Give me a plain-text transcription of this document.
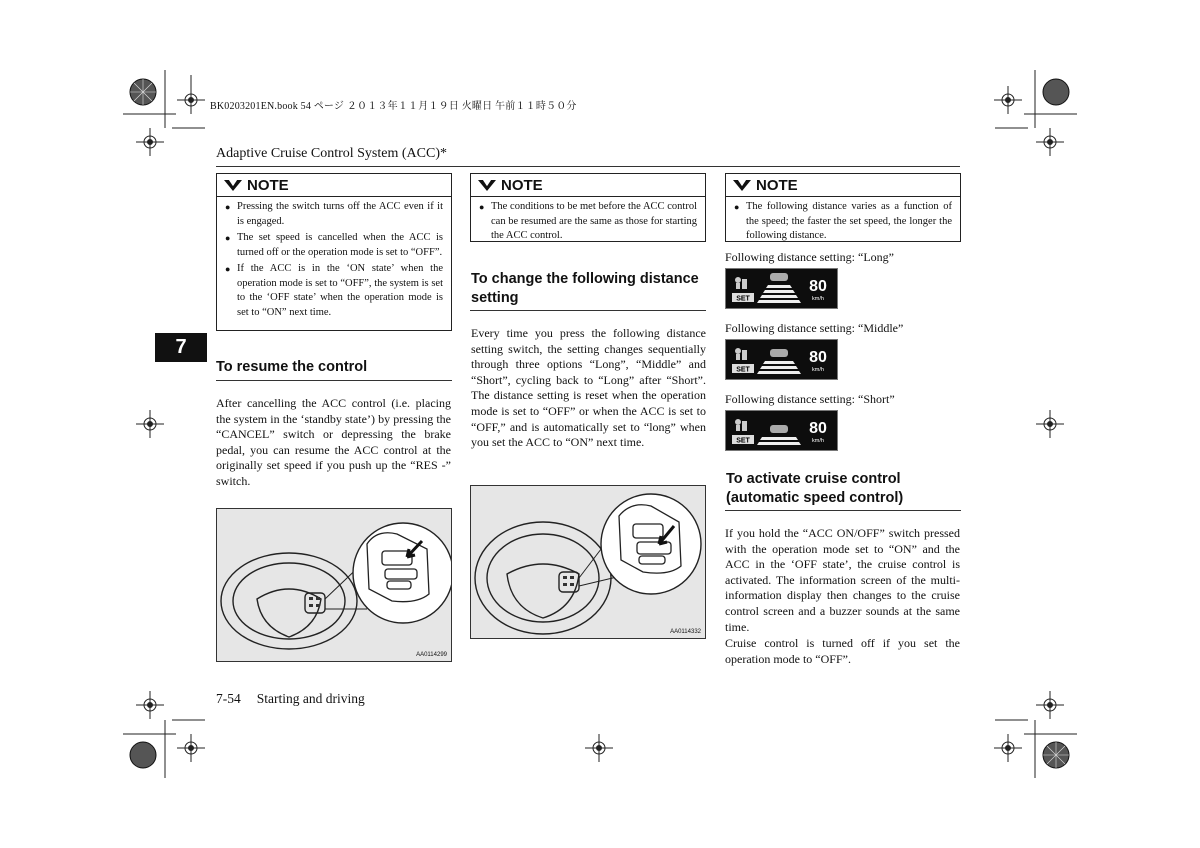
BK0203201EN.book 54 ページ ２０１３年１１月１９日 火曜日 午前１１時５０分
Adaptive Cruise Control System (ACC)*
7
NOTE
● Pressing the switch turns off the ACC even if it is engaged.
● The set speed is cancelled when the ACC is turned off or the operation mode is set to “OFF”.
● If the ACC is in the ‘ON state’ when the operation mode is set to “OFF”, the system is set to the ‘OFF state’ when the operation mode is set to “ON” next time.
To resume the control
After cancelling the ACC control (i.e. placing the system in the ‘standby state’) by pressing the “CANCEL” switch or depressing the brake pedal, you can resume the ACC control at the originally set speed if you push up the “RES -” switch.
AA0114299
NOTE
● The conditions to be met before the ACC control can be resumed are the same as those for starting the ACC control.
To change the following distance setting
Every time you press the following distance setting switch, the setting changes sequentially through three options “Long”, “Middle” and “Short”, cycling back to “Long” after “Short”. The distance setting is reset when the operation mode is set to “OFF” or when the ACC is set to “OFF,” and is automatically set to “long” when you set the ACC to “ON” next time.
AA0114332
NOTE
● The following distance varies as a function of the speed; the faster the set speed, the longer the following distance.
Following distance setting: “Long”
SET
80
km/h
Following distance setting: “Middle”
SET
80
km/h
Following distance setting: “Short”
SET
80
km/h
To activate cruise control (automatic speed control)
If you hold the “ACC ON/OFF” switch pressed with the operation mode set to “ON” and the ACC in the ‘OFF state’, the cruise control is activated. The information screen of the multi-information display then changes to the cruise control screen and a buzzer sounds at the same time.
Cruise control is turned off if you set the operation mode to “OFF”.
7-54 Starting and driving
